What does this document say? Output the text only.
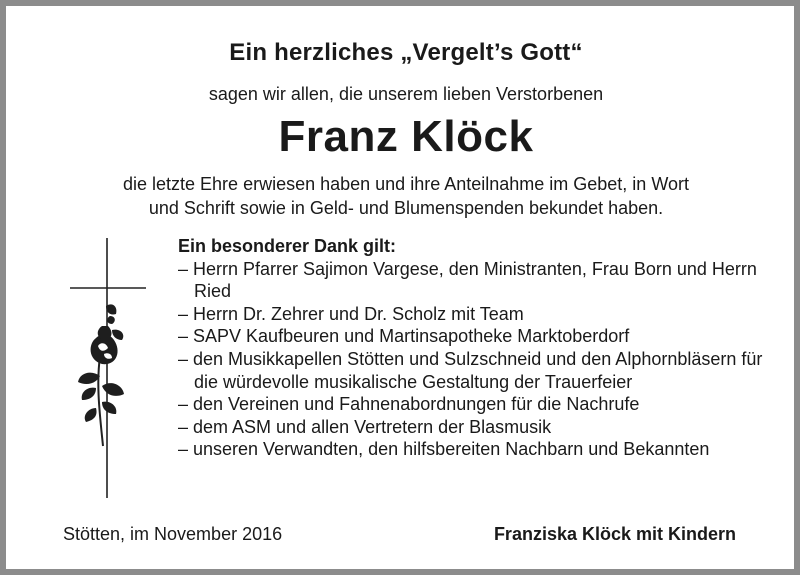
Ein herzliches „Vergelt’s Gott“
sagen wir allen, die unserem lieben Verstorbenen
Franz Klöck
die letzte Ehre erwiesen haben und ihre Anteilnahme im Gebet, in Wort
und Schrift sowie in Geld- und Blumenspenden bekundet haben.
Ein besonderer Dank gilt:
– Herrn Pfarrer Sajimon Vargese, den Ministranten, Frau Born und Herrn Ried
– Herrn Dr. Zehrer und Dr. Scholz mit Team
– SAPV Kaufbeuren und Martinsapotheke Marktoberdorf
– den Musikkapellen Stötten und Sulzschneid und den Alphornbläsern für die würdevolle musikalische Gestaltung der Trauerfeier
– den Vereinen und Fahnenabordnungen für die Nachrufe
– dem ASM und allen Vertretern der Blasmusik
– unseren Verwandten, den hilfsbereiten Nachbarn und Bekannten
Stötten, im November 2016	Franziska Klöck mit Kindern
